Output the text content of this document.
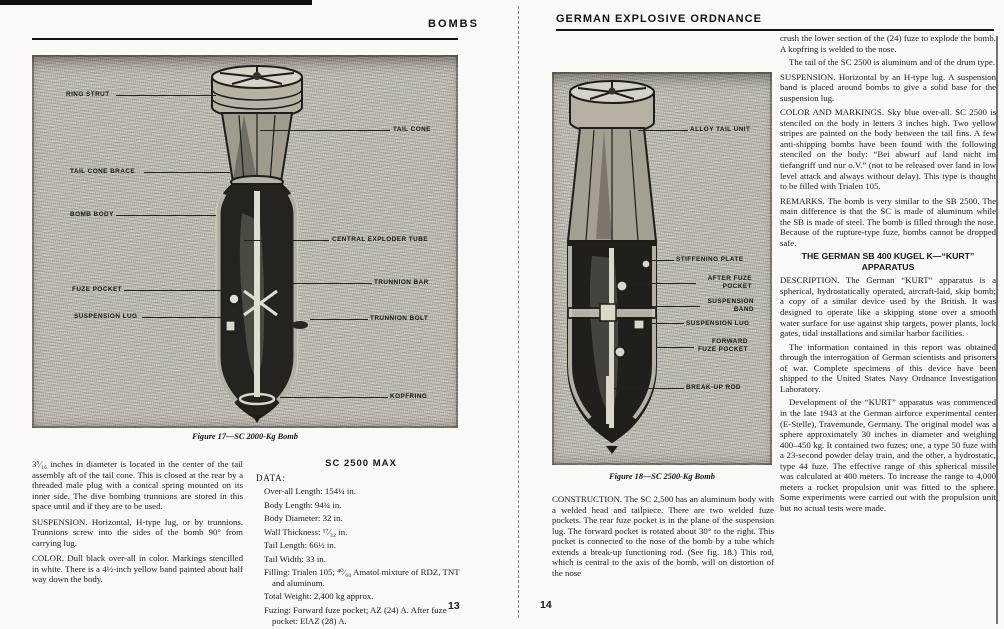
BOMBS
RING STRUT
TAIL CONE
TAIL CONE BRACE
BOMB BODY
CENTRAL EXPLODER TUBE
FUZE POCKET
TRUNNION BAR
SUSPENSION LUG	TRUNNION BOLT
KOPFRING
Figure 17—SC 2000-Kg Bomb

3⁵⁄₁₆ inches in diameter is located in the center of the tail assembly aft of the tail cone. This is closed at the rear by a threaded male plug with a conical spring mounted on its inner side. The dive bombing trunnions are stored in this space until and if they are to be used.

SUSPENSION. Horizontal, H-type lug, or by trunnions. Trunnions screw into the sides of the bomb 90° from carrying lug.

COLOR. Dull black over-all in color. Markings stencilled in white. There is a 4½-inch yellow band painted about half way down the body.

SC 2500 MAX

DATA:

Over-all Length: 154¼ in.

Body Length: 94¾ in.

Body Diameter: 32 in.

Wall Thickness: ¹⁷⁄₃₂ in.

Tail Length: 66½ in.

Tail Width: 33 in.

Filling: Trialen 105; ⁴⁰⁄₆₀ Amatol mixture of RDZ, TNT and aluminum.

Total Weight: 2,400 kg approx.

Fuzing: Forward fuze pocket; AZ (24) A. After fuze pocket: ElAZ (28) A.

13
GERMAN EXPLOSIVE ORDNANCE
ALLOY TAIL UNIT
STIFFENING PLATE
AFTER FUZE POCKET
SUSPENSION BAND
SUSPENSION LUG
FORWARD FUZE POCKET
BREAK-UP ROD
Figure 18—SC 2500-Kg Bomb

CONSTRUCTION. The SC 2,500 has an aluminum body with a welded head and tailpiece. There are two welded fuze pockets. The rear fuze pocket is in the plane of the suspension lug. The forward pocket is rotated about 30° to the right. This pocket is connected to the nose of the bomb by a tube which extends a break-up functioning rod. (See fig. 18.) This rod, which is central to the axis of the bomb, will on distortion of the nose

14

crush the lower section of the (24) fuze to explode the bomb. A kopfring is welded to the nose.

The tail of the SC 2500 is aluminum and of the drum type.

SUSPENSION. Horizontal by an H-type lug. A suspension band is placed around bombs to give a solid base for the suspension lug.

COLOR AND MARKINGS. Sky blue over-all. SC 2500 is stenciled on the body in letters 3 inches high. Two yellow stripes are painted on the body between the tail fins. A few anti-shipping bombs have been found with the following stenciled on the body: “Bei abwurf auf land nicht im tiefangriff und nur o.V.” (not to be released over land in low level attack and always without delay). This type is thought to be filled with Trialen 105.

REMARKS. The bomb is very similar to the SB 2500. The main difference is that the SC is made of aluminum while the SB is made of steel. The bomb is filled through the nose. Because of the rupture-type fuze, bombs cannot be dropped safe.

THE GERMAN SB 400 KUGEL K—“KURT” APPARATUS

DESCRIPTION. The German “KURT” apparatus is a spherical, hydrostatically operated, aircraft-laid, skip bomb; a copy of a similar device used by the British. It was designed to operate like a skipping stone over a smooth water surface for use against ship targets, power plants, lock gates, tidal installations and similar harbor facilities.

The information contained in this report was obtained through the interrogation of German scientists and prisoners of war. Complete specimens of this device have been shipped to the United States Navy Ordnance Investigation Laboratory.

Development of the “KURT” apparatus was commenced in the late 1943 at the German airforce experimental center (E-Stelle), Travemunde, Germany. The original model was a sphere approximately 30 inches in diameter and weighing 400–450 kg. It contained two fuzes; one, a type 50 fuze with a 23-second powder delay train, and the other, a hydrostatic, type 44 fuze. The effective range of this spherical missile was calculated at 400 meters. To increase the range to 4,000 meters a rocket propulsion unit was fitted to the sphere. Some experiments were carried out with the propulsion unit but no actual tests were made.
